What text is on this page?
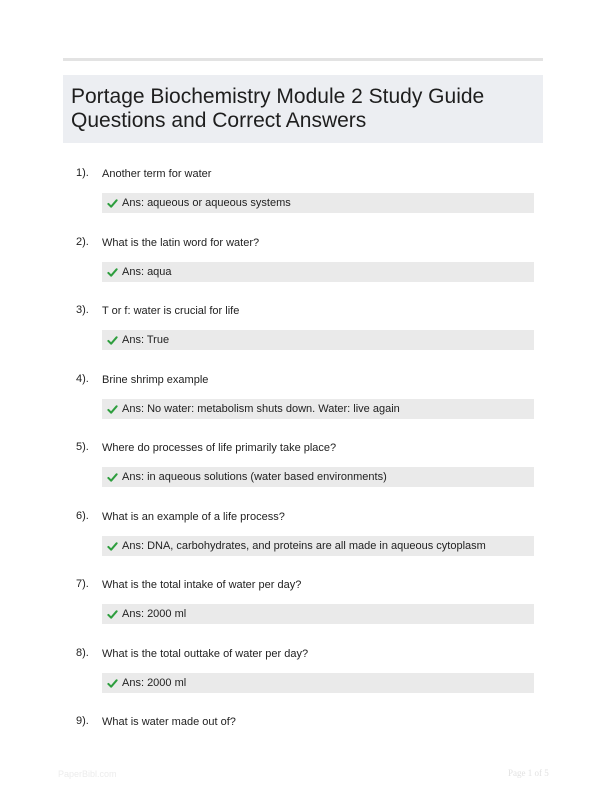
Portage Biochemistry Module 2 Study Guide
Questions and Correct Answers
1). Another term for water
Ans: aqueous or aqueous systems
2). What is the latin word for water?
Ans: aqua
3). T or f: water is crucial for life
Ans: True
4). Brine shrimp example
Ans: No water: metabolism shuts down. Water: live again
5). Where do processes of life primarily take place?
Ans: in aqueous solutions (water based environments)
6). What is an example of a life process?
Ans: DNA, carbohydrates, and proteins are all made in aqueous cytoplasm
7). What is the total intake of water per day?
Ans: 2000 ml
8). What is the total outtake of water per day?
Ans: 2000 ml
9). What is water made out of?
PaperBibl.com	Page 1 of 5
